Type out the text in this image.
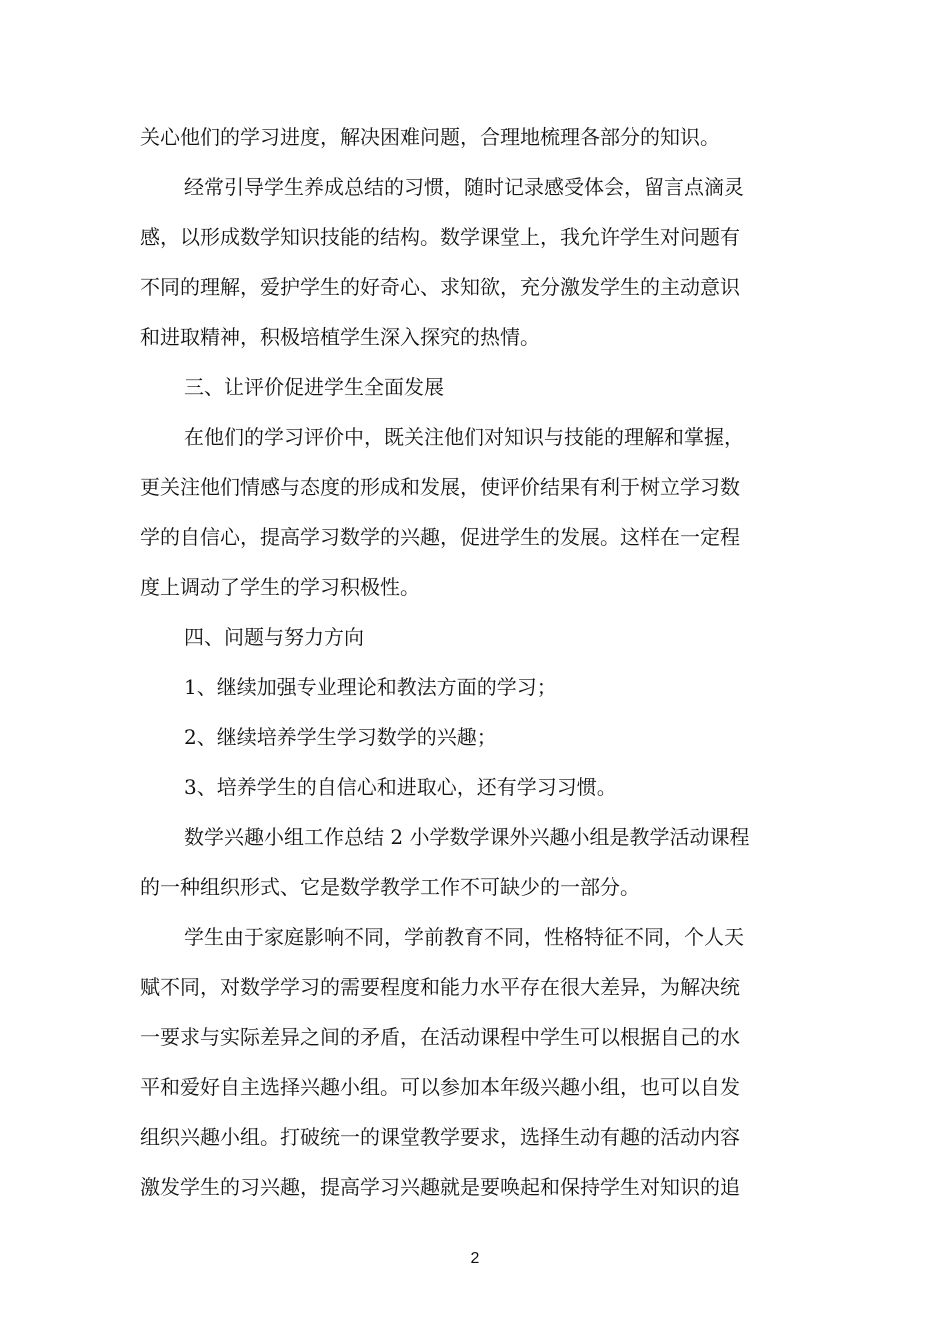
关心他们的学习进度，解决困难问题，合理地梳理各部分的知识。
经常引导学生养成总结的习惯，随时记录感受体会，留言点滴灵
感，以形成数学知识技能的结构。数学课堂上，我允许学生对问题有
不同的理解，爱护学生的好奇心、求知欲，充分激发学生的主动意识
和进取精神，积极培植学生深入探究的热情。
三、让评价促进学生全面发展
在他们的学习评价中，既关注他们对知识与技能的理解和掌握，
更关注他们情感与态度的形成和发展，使评价结果有利于树立学习数
学的自信心，提高学习数学的兴趣，促进学生的发展。这样在一定程
度上调动了学生的学习积极性。
四、问题与努力方向
1、继续加强专业理论和教法方面的学习；
2、继续培养学生学习数学的兴趣；
3、培养学生的自信心和进取心，还有学习习惯。
数学兴趣小组工作总结 2 小学数学课外兴趣小组是教学活动课程
的一种组织形式、它是数学教学工作不可缺少的一部分。
学生由于家庭影响不同，学前教育不同，性格特征不同，个人天
赋不同，对数学学习的需要程度和能力水平存在很大差异，为解决统
一要求与实际差异之间的矛盾，在活动课程中学生可以根据自己的水
平和爱好自主选择兴趣小组。可以参加本年级兴趣小组，也可以自发
组织兴趣小组。打破统一的课堂教学要求，选择生动有趣的活动内容
激发学生的习兴趣，提高学习兴趣就是要唤起和保持学生对知识的追
2
